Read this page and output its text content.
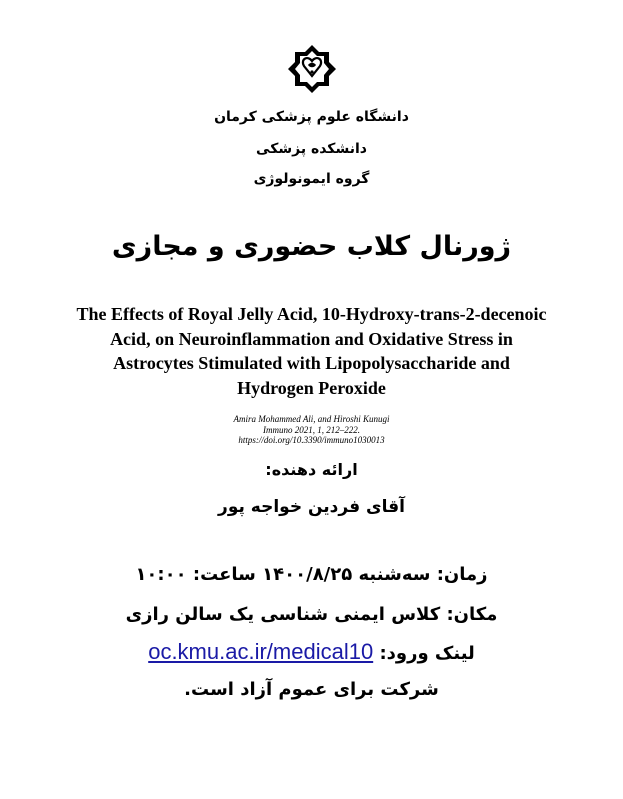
دانشگاه علوم پزشکی کرمان
دانشکده پزشکی
گروه ایمونولوژی
ژورنال کلاب حضوری و مجازی
The Effects of Royal Jelly Acid, 10-Hydroxy-trans-2-decenoic
Acid, on Neuroinflammation and Oxidative Stress in
Astrocytes Stimulated with Lipopolysaccharide and
Hydrogen Peroxide
Amira Mohammed Ali, and Hiroshi Kunugi
Immuno 2021, 1, 212–222.
https://doi.org/10.3390/immuno1030013
ارائه دهنده:
آقای فردین خواجه پور
زمان: سه‌شنبه ۱۴۰۰/۸/۲۵ ساعت: ۱۰:۰۰
مکان: کلاس ایمنی شناسی یک سالن رازی
لینک ورود: oc.kmu.ac.ir/medical10
شرکت برای عموم آزاد است.
